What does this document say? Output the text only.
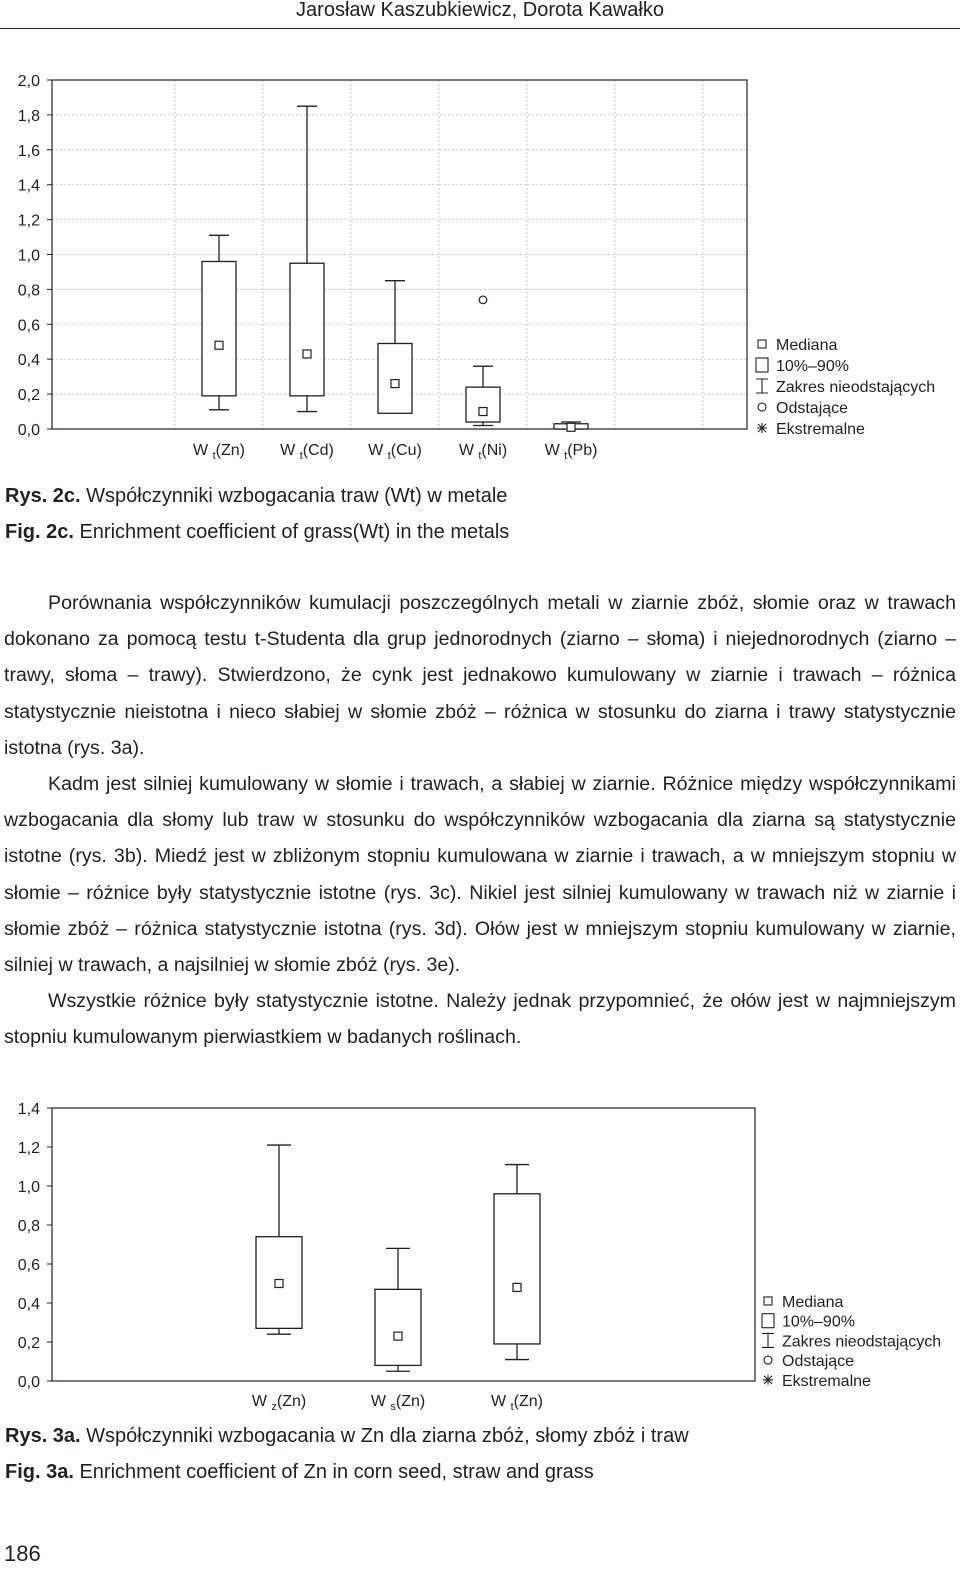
Jarosław Kaszubkiewicz, Dorota Kawałko
0,0
0,2
0,4
0,6
0,8
1,0
1,2
1,4
1,6
1,8
2,0
W $_t$(Zn) W $_t$(Cd) W $_t$(Cu) W $_t$(Ni) W $_t$(Pb)
Mediana
10%–90%
Zakres nieodstających
Odstające
Ekstremalne
Rys. 2c. Współczynniki wzbogacania traw (Wt) w metale
Fig. 2c. Enrichment coefficient of grass(Wt) in the metals

Porównania współczynników kumulacji poszczególnych metali w ziarnie zbóż, słomie oraz w trawach dokonano za pomocą testu t-Studenta dla grup jednorodnych (ziarno – słoma) i niejednorodnych (ziarno – trawy, słoma – trawy). Stwierdzono, że cynk jest jednakowo kumulowany w ziarnie i trawach – różnica statystycznie nieistotna i nieco słabiej w słomie zbóż – różnica w stosunku do ziarna i trawy statystycznie istotna (rys. 3a).

Kadm jest silniej kumulowany w słomie i trawach, a słabiej w ziarnie. Różnice między współczynnikami wzbogacania dla słomy lub traw w stosunku do współczynników wzbogacania dla ziarna są statystycznie istotne (rys. 3b). Miedź jest w zbliżonym stopniu kumulowana w ziarnie i trawach, a w mniejszym stopniu w słomie – różnice były statystycznie istotne (rys. 3c). Nikiel jest silniej kumulowany w trawach niż w ziarnie i słomie zbóż – różnica statystycznie istotna (rys. 3d). Ołów jest w mniejszym stopniu kumulowany w ziarnie, silniej w trawach, a najsilniej w słomie zbóż (rys. 3e).

Wszystkie różnice były statystycznie istotne. Należy jednak przypomnieć, że ołów jest w najmniejszym stopniu kumulowanym pierwiastkiem w badanych roślinach.

0,0
0,2
0,4
0,6
0,8
1,0
1,2
1,4
W $_z$(Zn)	W $_s$(Zn)	W $_t$(Zn)
Mediana
10%–90%
Zakres nieodstających
Odstające
Ekstremalne
Rys. 3a. Współczynniki wzbogacania w Zn dla ziarna zbóż, słomy zbóż i traw
Fig. 3a. Enrichment coefficient of Zn in corn seed, straw and grass
186
